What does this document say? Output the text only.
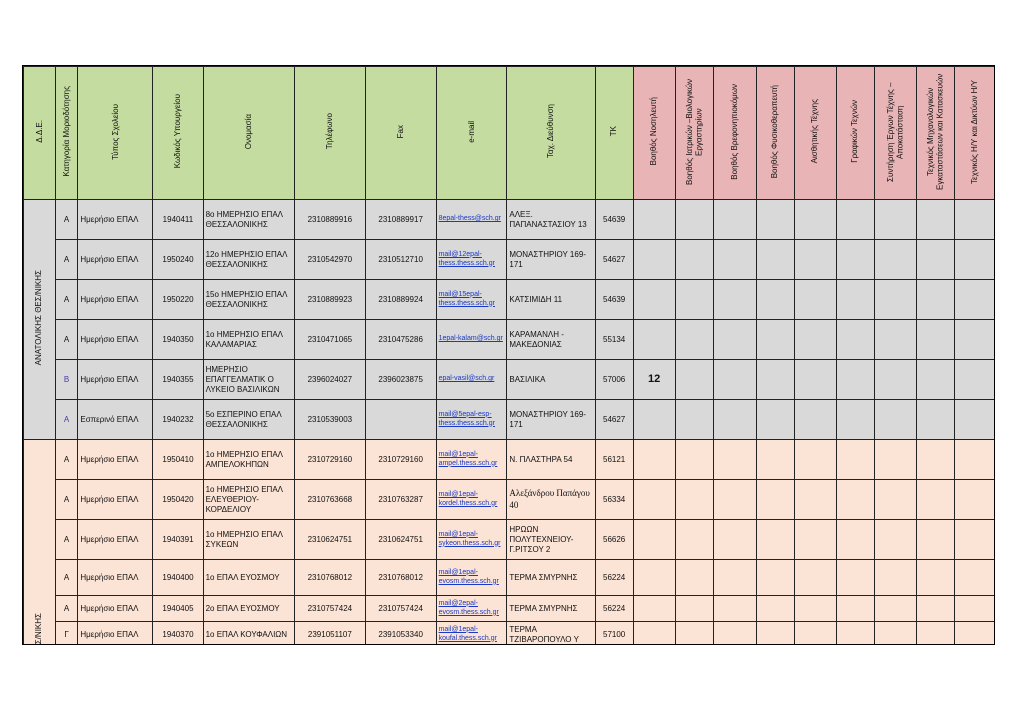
Δ.Δ.Ε.	Κατηγορία Μοριοδότησης	Τύπος Σχολείου	Κωδικός Υπουργείου	Ονομασία	Τηλέφωνο	Fax	e-mail	Ταχ. Διεύθυνση	ΤΚ	Βοηθός Νοσηλευτή	Βοηθός Ιατρικών –Βιολογικών Εργαστηρίων	Βοηθός Βρεφονηπιοκόμων	Βοηθός Φυσικοθεραπευτή	Αισθητικής Τέχνης	Γραφικών Τεχνών	Συντήρηση Έργων Τέχνης – Αποκατάσταση	Τεχνικός Μηχανολογικών Εγκαταστάσεων και Κατασκευών	Τεχνικός Η/Υ και Δικτύων Η/Υ
ΑΝΑΤΟΛΙΚΗΣ ΘΕΣ/ΝΙΚΗΣ	A	Ημερήσιο ΕΠΑΛ	1940411	8ο ΗΜΕΡΗΣΙΟ ΕΠΑΛ ΘΕΣΣΑΛΟΝΙΚΗΣ	2310889916	2310889917	8epal-thess@sch.gr	ΑΛΕΞ. ΠΑΠΑΝΑΣΤΑΣΙΟΥ 13	54639									
	A	Ημερήσιο ΕΠΑΛ	1950240	12ο ΗΜΕΡΗΣΙΟ ΕΠΑΛ ΘΕΣΣΑΛΟΝΙΚΗΣ	2310542970	2310512710	mail@12epal-thess.thess.sch.gr	ΜΟΝΑΣΤΗΡΙΟΥ 169-171	54627									
	A	Ημερήσιο ΕΠΑΛ	1950220	15ο ΗΜΕΡΗΣΙΟ ΕΠΑΛ ΘΕΣΣΑΛΟΝΙΚΗΣ	2310889923	2310889924	mail@15epal-thess.thess.sch.gr	ΚΑΤΣΙΜΙΔΗ 11	54639									
	A	Ημερήσιο ΕΠΑΛ	1940350	1ο ΗΜΕΡΗΣΙΟ ΕΠΑΛ ΚΑΛΑΜΑΡΙΑΣ	2310471065	2310475286	1epal-kalam@sch.gr	ΚΑΡΑΜΑΝΛΗ - ΜΑΚΕΔΟΝΙΑΣ	55134									
	B	Ημερήσιο ΕΠΑΛ	1940355	ΗΜΕΡΗΣΙΟ ΕΠΑΓΓΕΛΜΑΤΙΚ Ο ΛΥΚΕΙΟ ΒΑΣΙΛΙΚΩΝ	2396024027	2396023875	epal-vasil@sch.gr	ΒΑΣΙΛΙΚΑ	57006	12								
	A	Εσπερινό ΕΠΑΛ	1940232	5ο ΕΣΠΕΡΙΝΟ ΕΠΑΛ ΘΕΣΣΑΛΟΝΙΚΗΣ	2310539003		mail@5epal-esp-thess.thess.sch.gr	ΜΟΝΑΣΤΗΡΙΟΥ 169-171	54627									
Σ/ΝΙΚΗΣ	A	Ημερήσιο ΕΠΑΛ	1950410	1ο ΗΜΕΡΗΣΙΟ ΕΠΑΛ ΑΜΠΕΛΟΚΗΠΩΝ	2310729160	2310729160	mail@1epal-ampel.thess.sch.gr	Ν. ΠΛΑΣΤΗΡΑ 54	56121									
	A	Ημερήσιο ΕΠΑΛ	1950420	1ο ΗΜΕΡΗΣΙΟ ΕΠΑΛ ΕΛΕΥΘΕΡΙΟΥ-ΚΟΡΔΕΛΙΟΥ	2310763668	2310763287	mail@1epal-kordel.thess.sch.gr	Αλεξάνδρου Παπάγου 40	56334									
	A	Ημερήσιο ΕΠΑΛ	1940391	1ο ΗΜΕΡΗΣΙΟ ΕΠΑΛ ΣΥΚΕΩΝ	2310624751	2310624751	mail@1epal-sykeon.thess.sch.gr	ΗΡΩΩΝ ΠΟΛΥΤΕΧΝΕΙΟΥ-Γ.ΡΙΤΣΟΥ 2	56626									
	A	Ημερήσιο ΕΠΑΛ	1940400	1ο ΕΠΑΛ ΕΥΟΣΜΟΥ	2310768012	2310768012	mail@1epal-evosm.thess.sch.gr	ΤΕΡΜΑ ΣΜΥΡΝΗΣ	56224									
	A	Ημερήσιο ΕΠΑΛ	1940405	2ο ΕΠΑΛ ΕΥΟΣΜΟΥ	2310757424	2310757424	mail@2epal-evosm.thess.sch.gr	ΤΕΡΜΑ ΣΜΥΡΝΗΣ	56224									
	Γ	Ημερήσιο ΕΠΑΛ	1940370	1ο ΕΠΑΛ ΚΟΥΦΑΛΙΩΝ	2391051107	2391053340	mail@1epal-koufal.thess.sch.gr	ΤΕΡΜΑ ΤΖΙΒΑΡΟΠΟΥΛΟ Υ	57100									
